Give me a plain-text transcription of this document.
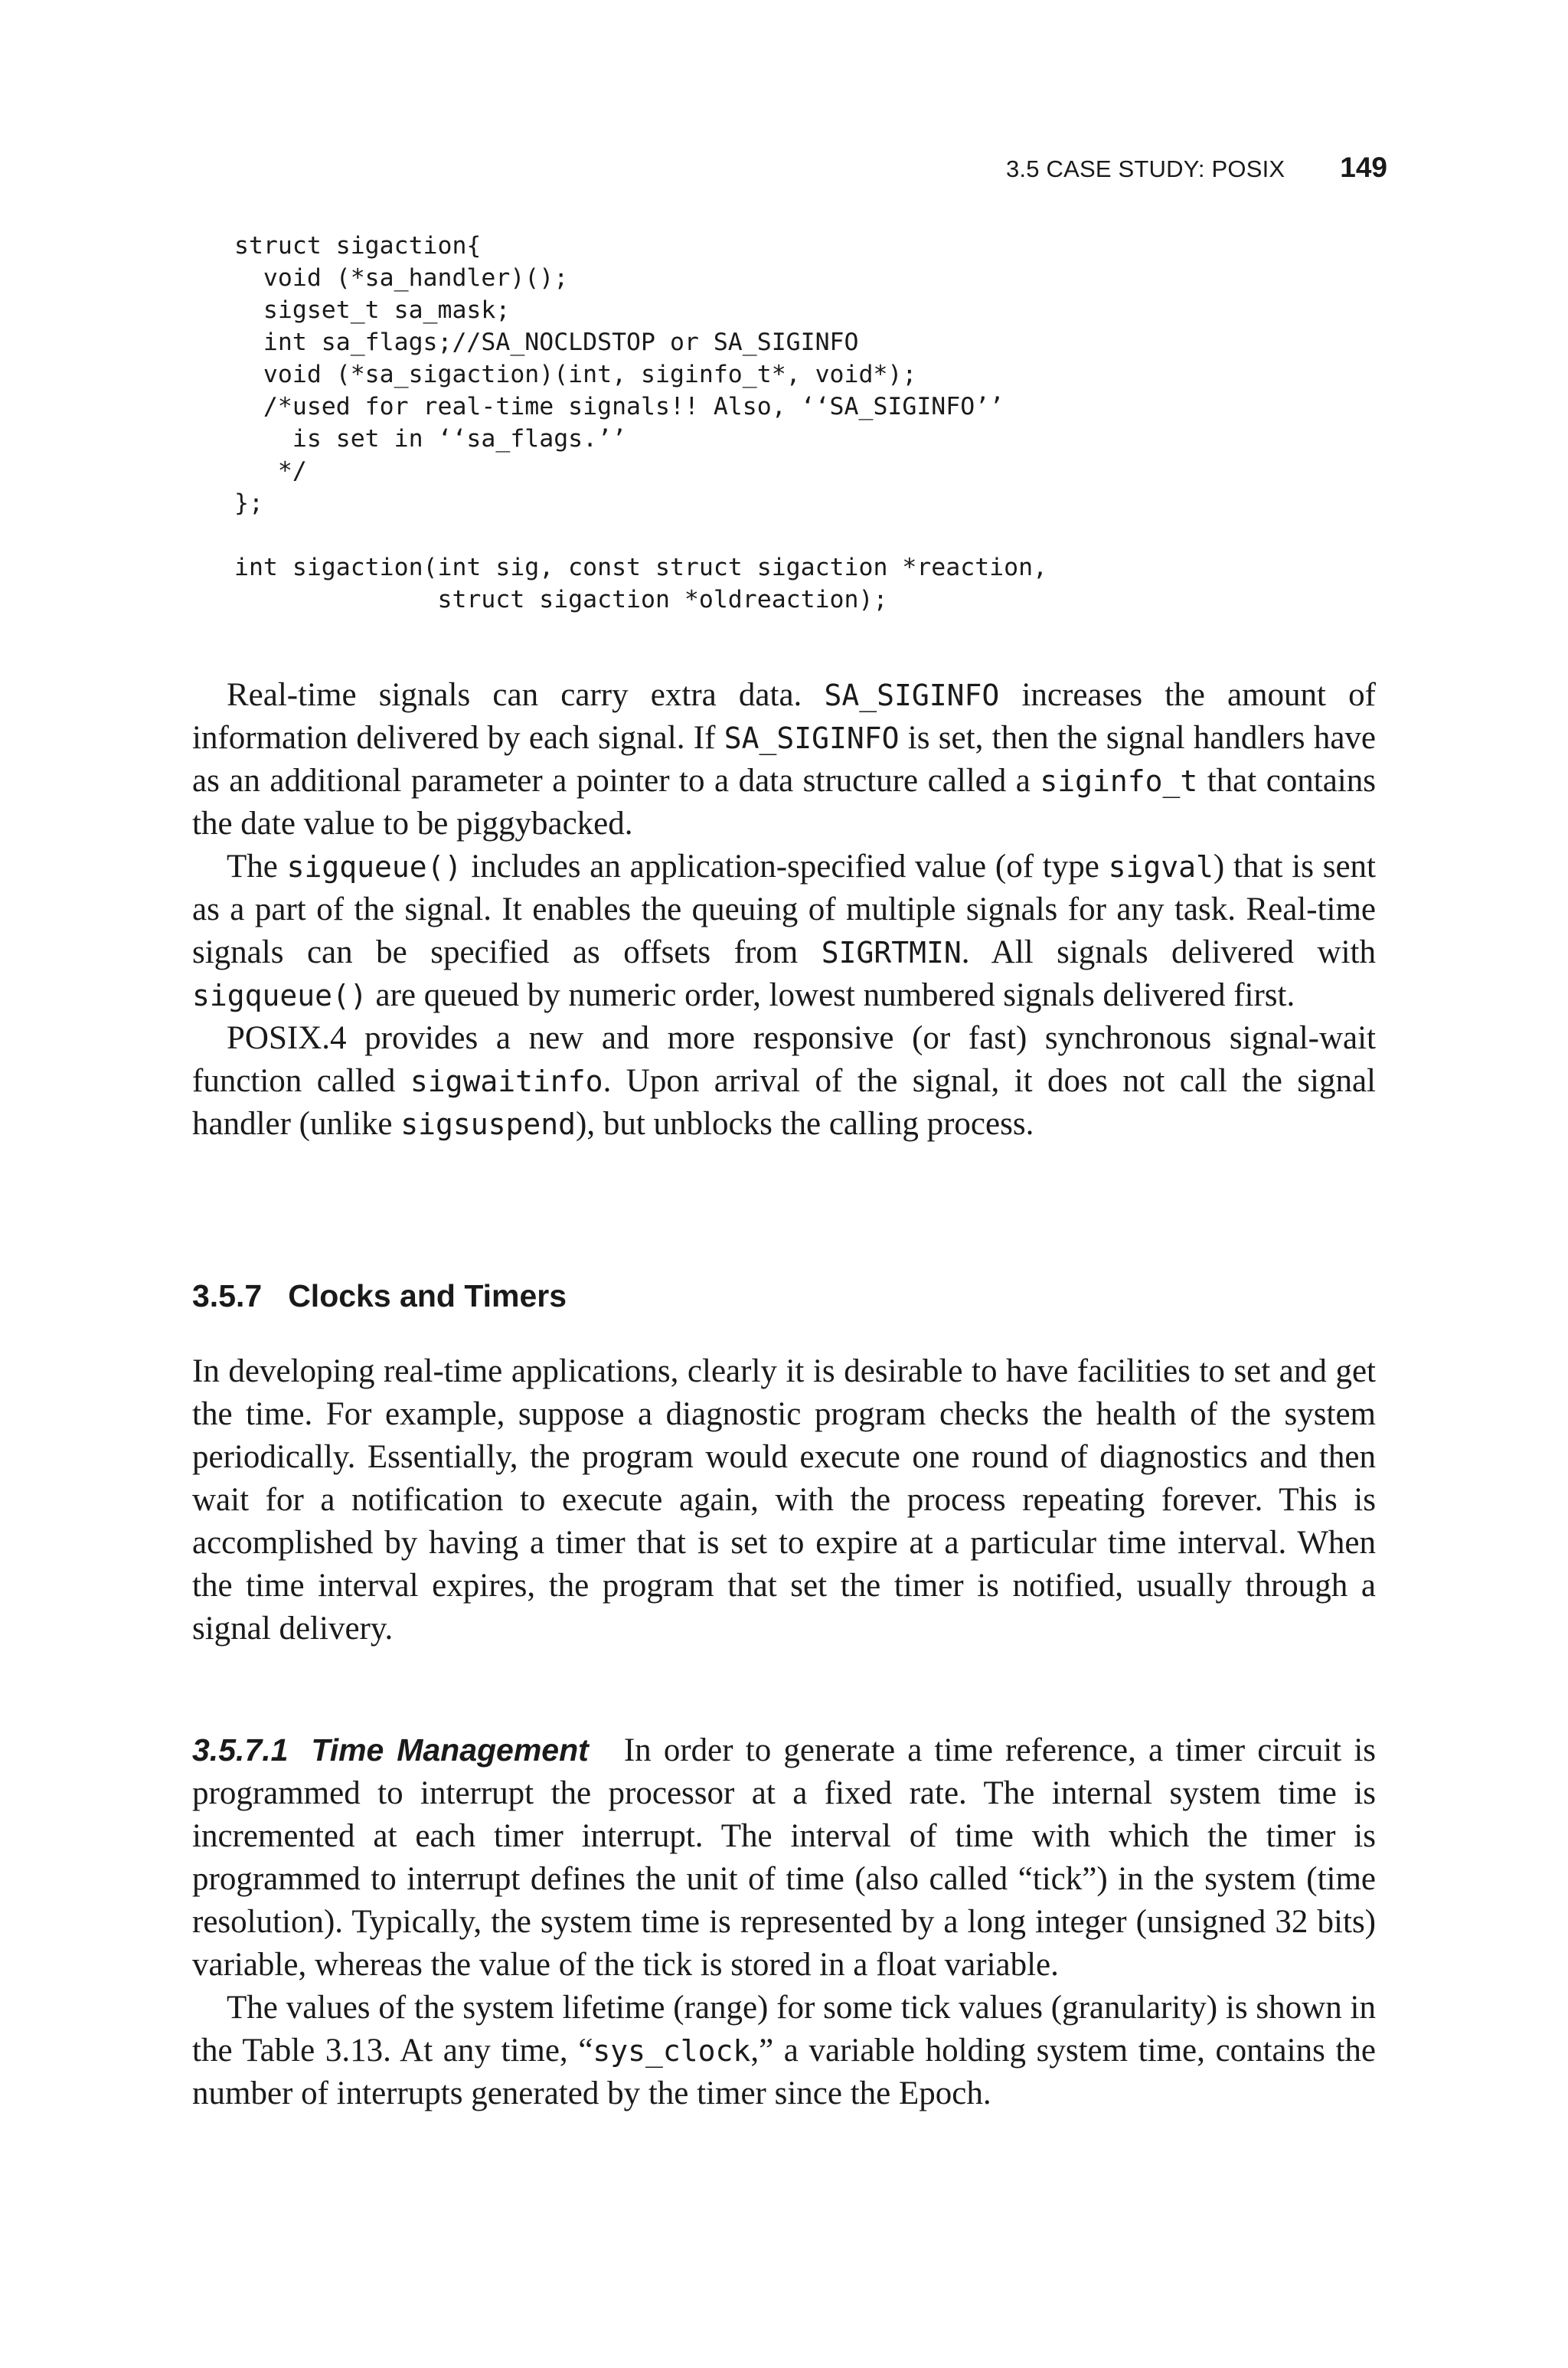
3.5 CASE STUDY: POSIX 149
struct sigaction{
void (*sa_handler)();
sigset_t sa_mask;
int sa_flags;//SA_NOCLDSTOP or SA_SIGINFO
void (*sa_sigaction)(int, siginfo_t*, void*);
/*used for real-time signals!! Also, ‘‘SA_SIGINFO’’
is set in ‘‘sa_flags.’’
*/
};
int sigaction(int sig, const struct sigaction *reaction,
struct sigaction *oldreaction);

Real-time signals can carry extra data. SA_SIGINFO increases the amount of information delivered by each signal. If SA_SIGINFO is set, then the signal handlers have as an additional parameter a pointer to a data structure called a siginfo_t that contains the date value to be piggybacked.

The sigqueue() includes an application-specified value (of type sigval) that is sent as a part of the signal. It enables the queuing of multiple signals for any task. Real-time signals can be specified as offsets from SIGRTMIN. All signals delivered with sigqueue() are queued by numeric order, lowest numbered signals delivered first.

POSIX.4 provides a new and more responsive (or fast) synchronous signal-wait function called sigwaitinfo. Upon arrival of the signal, it does not call the signal handler (unlike sigsuspend), but unblocks the calling process.

3.5.7 Clocks and Timers

In developing real-time applications, clearly it is desirable to have facilities to set and get the time. For example, suppose a diagnostic program checks the health of the system periodically. Essentially, the program would execute one round of diagnostics and then wait for a notification to execute again, with the process repeating forever. This is accomplished by having a timer that is set to expire at a particular time interval. When the time interval expires, the program that set the timer is notified, usually through a signal delivery.

3.5.7.1 Time Management In order to generate a time reference, a timer circuit is programmed to interrupt the processor at a fixed rate. The internal system time is incremented at each timer interrupt. The interval of time with which the timer is programmed to interrupt defines the unit of time (also called “tick”) in the system (time resolution). Typically, the system time is represented by a long integer (unsigned 32 bits) variable, whereas the value of the tick is stored in a float variable.

The values of the system lifetime (range) for some tick values (granularity) is shown in the Table 3.13. At any time, “sys_clock,” a variable holding system time, contains the number of interrupts generated by the timer since the Epoch.
